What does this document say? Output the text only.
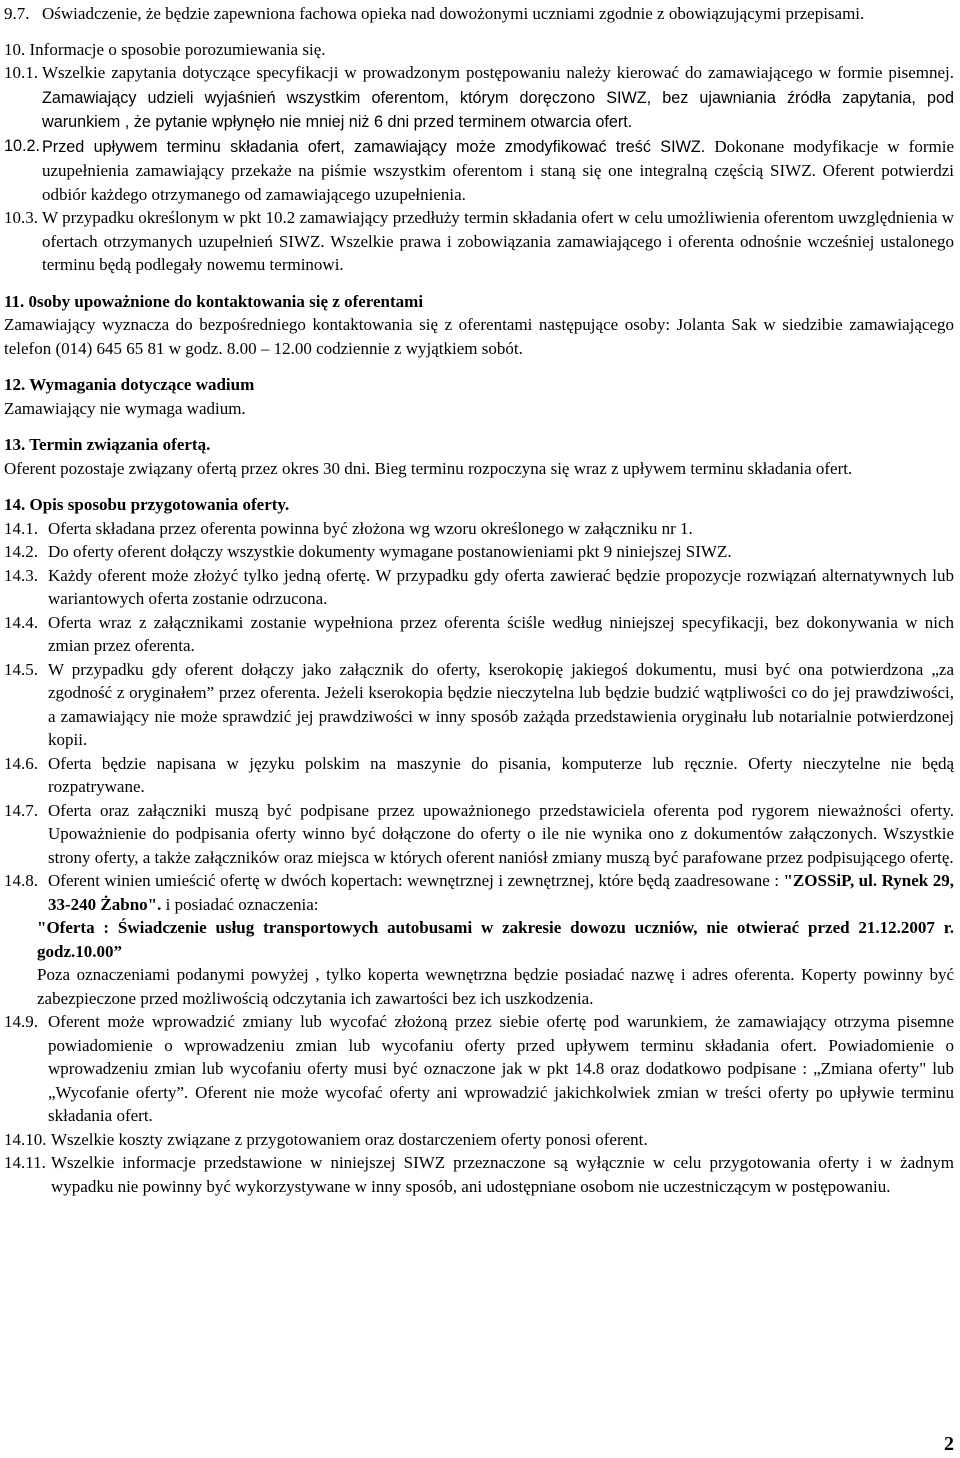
9.7. Oświadczenie, że będzie zapewniona fachowa opieka nad dowożonymi uczniami zgodnie z obowiązującymi przepisami.
10. Informacje o sposobie porozumiewania się.
10.1. Wszelkie zapytania dotyczące specyfikacji w prowadzonym postępowaniu należy kierować do zamawiającego w formie pisemnej. Zamawiający udzieli wyjaśnień wszystkim oferentom, którym doręczono SIWZ, bez ujawniania źródła zapytania, pod warunkiem , że pytanie wpłynęło nie mniej niż 6 dni przed terminem otwarcia ofert.
10.2. Przed upływem terminu składania ofert, zamawiający może zmodyfikować treść SIWZ. Dokonane modyfikacje w formie uzupełnienia zamawiający przekaże na piśmie wszystkim oferentom i staną się one integralną częścią SIWZ. Oferent potwierdzi odbiór każdego otrzymanego od zamawiającego uzupełnienia.
10.3. W przypadku określonym w pkt 10.2 zamawiający przedłuży termin składania ofert w celu umożliwienia oferentom uwzględnienia w ofertach otrzymanych uzupełnień SIWZ. Wszelkie prawa i zobowiązania zamawiającego i oferenta odnośnie wcześniej ustalonego terminu będą podlegały nowemu terminowi.
11. 0soby upoważnione do kontaktowania się z oferentami
Zamawiający wyznacza do bezpośredniego kontaktowania się z oferentami następujące osoby: Jolanta Sak w siedzibie zamawiającego telefon (014) 645 65 81 w godz. 8.00 – 12.00 codziennie z wyjątkiem sobót.
12. Wymagania dotyczące wadium
Zamawiający nie wymaga wadium.
13. Termin związania ofertą.
Oferent pozostaje związany ofertą przez okres 30 dni. Bieg terminu rozpoczyna się wraz z upływem terminu składania ofert.
14. Opis sposobu przygotowania oferty.
14.1. Oferta składana przez oferenta powinna być złożona wg wzoru określonego w załączniku nr 1.
14.2. Do oferty oferent dołączy wszystkie dokumenty wymagane postanowieniami pkt 9 niniejszej SIWZ.
14.3. Każdy oferent może złożyć tylko jedną ofertę. W przypadku gdy oferta zawierać będzie propozycje rozwiązań alternatywnych lub wariantowych oferta zostanie odrzucona.
14.4. Oferta wraz z załącznikami zostanie wypełniona przez oferenta ściśle według niniejszej specyfikacji, bez dokonywania w nich zmian przez oferenta.
14.5. W przypadku gdy oferent dołączy jako załącznik do oferty, kserokopię jakiegoś dokumentu, musi być ona potwierdzona „za zgodność z oryginałem” przez oferenta. Jeżeli kserokopia będzie nieczytelna lub będzie budzić wątpliwości co do jej prawdziwości, a zamawiający nie może sprawdzić jej prawdziwości w inny sposób zażąda przedstawienia oryginału lub notarialnie potwierdzonej kopii.
14.6. Oferta będzie napisana w języku polskim na maszynie do pisania, komputerze lub ręcznie. Oferty nieczytelne nie będą rozpatrywane.
14.7. Oferta oraz załączniki muszą być podpisane przez upoważnionego przedstawiciela oferenta pod rygorem nieważności oferty. Upoważnienie do podpisania oferty winno być dołączone do oferty o ile nie wynika ono z dokumentów załączonych. Wszystkie strony oferty, a także załączników oraz miejsca w których oferent naniósł zmiany muszą być parafowane przez podpisującego ofertę.
14.8. Oferent winien umieścić ofertę w dwóch kopertach: wewnętrznej i zewnętrznej, które będą zaadresowane : "ZOSSiP, ul. Rynek 29, 33-240 Żabno". i posiadać oznaczenia:
"Oferta : Świadczenie usług transportowych autobusami w zakresie dowozu uczniów, nie otwierać przed 21.12.2007 r. godz.10.00”
Poza oznaczeniami podanymi powyżej , tylko koperta wewnętrzna będzie posiadać nazwę i adres oferenta. Koperty powinny być zabezpieczone przed możliwością odczytania ich zawartości bez ich uszkodzenia.
14.9. Oferent może wprowadzić zmiany lub wycofać złożoną przez siebie ofertę pod warunkiem, że zamawiający otrzyma pisemne powiadomienie o wprowadzeniu zmian lub wycofaniu oferty przed upływem terminu składania ofert. Powiadomienie o wprowadzeniu zmian lub wycofaniu oferty musi być oznaczone jak w pkt 14.8 oraz dodatkowo podpisane : „Zmiana oferty" lub „Wycofanie oferty”. Oferent nie może wycofać oferty ani wprowadzić jakichkolwiek zmian w treści oferty po upływie terminu składania ofert.
14.10. Wszelkie koszty związane z przygotowaniem oraz dostarczeniem oferty ponosi oferent.
14.11. Wszelkie informacje przedstawione w niniejszej SIWZ przeznaczone są wyłącznie w celu przygotowania oferty i w żadnym wypadku nie powinny być wykorzystywane w inny sposób, ani udostępniane osobom nie uczestniczącym w postępowaniu.
2
